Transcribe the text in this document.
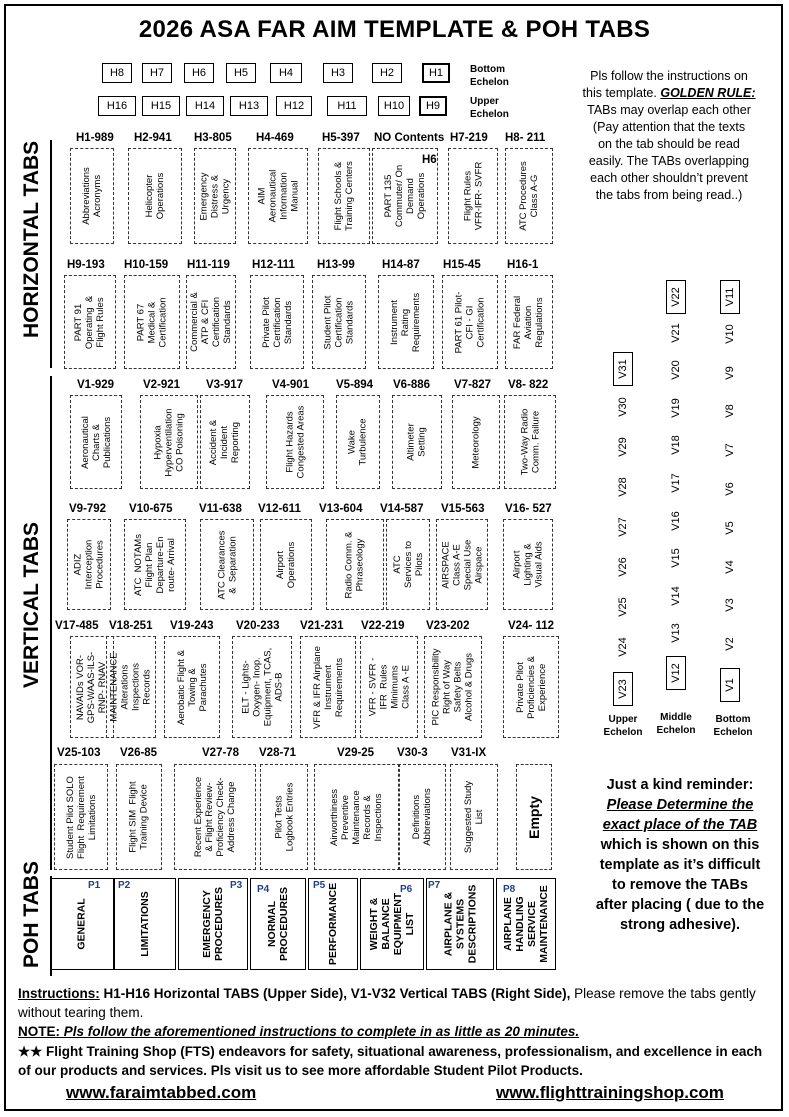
2026 ASA FAR AIM TEMPLATE & POH TABS
H8	H7	H6	H5	H4	H3	H2	H1
H16	H15	H14	H13	H12	H11	H10	H9
Bottom
Echelon
Upper
Echelon
HORIZONTAL TABS
VERTICAL TABS
POH TABS
H1-989
Abbreviations
Acronyms
H2-941
Helicopter
Operations
H3-805
Emergency
Distress &
Urgency
H4-469
AIM
Aeronautical
Information
Manual
H5-397
Flight Schools &
Training Centers
NO Contents
H6
PART 135
Commuter/ On
Demand
Operations
H7-219
Flight Rules
VFR-IFR- SVFR
H8- 211
ATC Procedures
Class A-G
H9-193
PART 91
Operating  &
Flight Rules
H10-159
PART 67
Medical &
Certification
H11-119
Commercial &
ATP & CFI
Certification
Standards
H12-111
Private Pilot
Certification
Standards
H13-99
Student Pilot
Certification
Standards
H14-87
Instrument
Rating
Requirements
H15-45
PART 61 Pilot-
CFI - GI
Certification
H16-1
FAR Federal
Aviation
Regulations
V1-929
Aeronautical
Charts &
Publications
V2-921
Hypoxia
Hyperventilation
CO Poisoning
V3-917
Accident &
Incident
Reporting
V4-901
Flight Hazards
Congested Areas
V5-894
Wake
Turbulence
V6-886
Altimeter
Setting
V7-827
Meteorology
V8- 822
Two-Way Radio
Comm. Failure
V9-792
ADIZ
Interception
Procedures
V10-675
ATC  NOTAMs
Flight Plan
Departure-En
route- Arrival
V11-638
ATC Clearances
&  Separation
V12-611
Airport
Operations
V13-604
Radio Comm. &
Phraseology
V14-587
ATC
Services to
Pilots
V15-563
AIRSPACE
Class A-E
Special Use
Airspace
V16- 527
Airport
Lighting &
Visual Aids
V17-485
NAVAIDs VOR-
GPS-WAAS-ILS-
RNP- RNAV
V18-251
MAINTENANCE
Alterations
Inspections
Records
V19-243
Aerobatic Flight &
Towing &
Parachutes
V20-233
ELT - Lights-
Oxygen- Inop.
Equipment, TCAS,
ADS-B
V21-231
VFR & IFR Airplane
Instrument
Requirements
V22-219
VFR - SVFR -
IFR  Rules
Minimums
Class A -E
V23-202
PIC Responsibility
Right of Way
Safety Belts
Alcohol & Drugs
V24- 112
Private Pilot
Proficiencies &
Experience
V25-103
Student Pilot SOLO
Flight  Requirement
Limitations
V26-85
Flight SIM  Flight
Training Device
V27-78
Recent Experience
& Flight Review-
Proficiency Check-
Address Change
V28-71
Pilot Tests
Logbook Entries
V29-25
Airworthiness
Preventive
Maintenance
Records &
Inspections
V30-3
Definitions
Abbreviations
V31-IX
Suggested Study
List	Empty
GENERAL
P1
LIMITATIONS
P2
EMERGENCY
PROCEDURES
P3
NORMAL
PROCEDURES
P4	PERFORMANCE
P5
WEIGHT &
BALANCE
EQUIPMENT
LIST
P6
AIRPLANE &
SYSTEMS
DESCRIPTIONS
P7
AIRPLANE
HANDLING
SERVICE
MAINTENANCE
P8
Pls follow the instructions on
this template. GOLDEN RULE:
TABs may overlap each other
(Pay attention that the texts
on the tab should be read
easily. The TABs overlapping
each other shouldn’t prevent
the tabs from being read..)
V31
V30
V29
V28
V27
V26
V25
V24
V23
V22
V21
V20
V19
V18
V17
V16
V15
V14
V13
V12
V11
V10
V9
V8
V7
V6
V5
V4
V3
V2
V1
Upper
Echelon
Middle
Echelon
Bottom
Echelon
Just a kind reminder:
Please Determine the
exact place of the TAB
which is shown on this
template as it’s difficult
to remove the TABs
after placing ( due to the
strong adhesive).
Instructions: H1-H16 Horizontal TABS (Upper Side), V1-V32 Vertical TABS (Right Side), Please remove the tabs gently without tearing them.
NOTE: Pls follow the aforementioned instructions to complete in as little as 20 minutes.
★★ Flight Training Shop (FTS) endeavors for safety, situational awareness, professionalism, and excellence in each of our products and services. Pls visit us to see more affordable Student Pilot Products.
www.faraimtabbed.com	www.flighttrainingshop.com
